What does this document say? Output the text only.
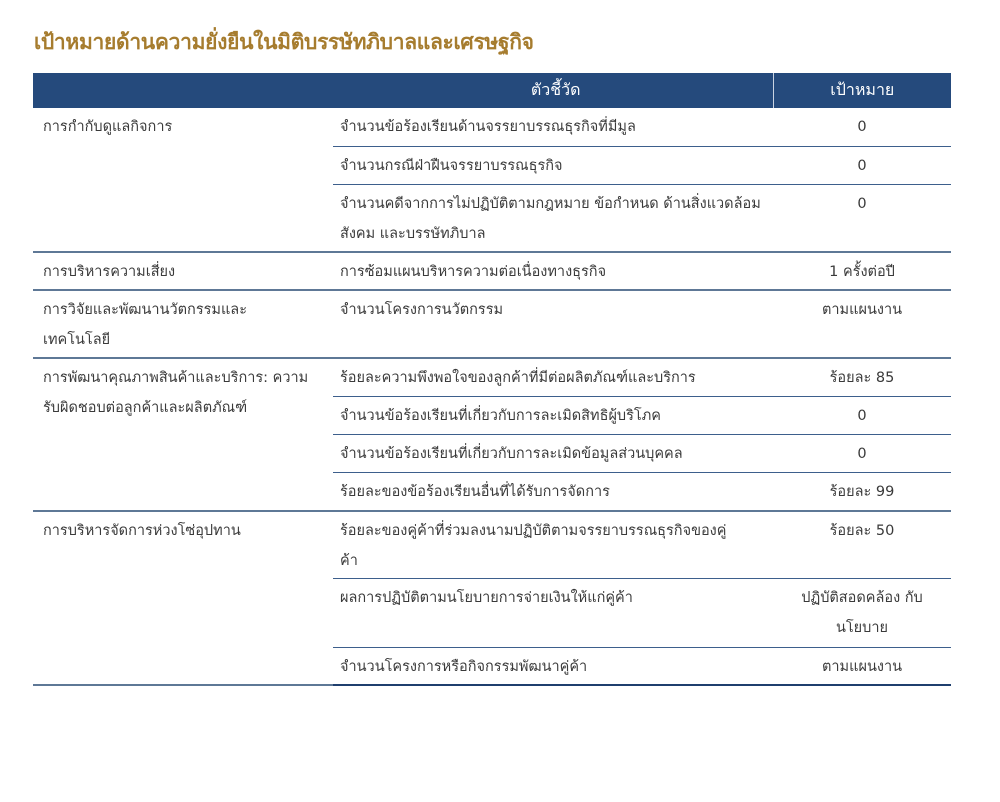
เป้าหมายด้านความยั่งยืนในมิติบรรษัทภิบาลและเศรษฐกิจ
ตัวชี้วัด		เป้าหมาย

การกำกับดูแลกิจการ	จำนวนข้อร้องเรียนด้านจรรยาบรรณธุรกิจที่มีมูล	0

	จำนวนกรณีฝ่าฝืนจรรยาบรรณธุรกิจ	0

	จำนวนคดีจากการไม่ปฏิบัติตามกฎหมาย ข้อกำหนด ด้านสิ่งแวดล้อม สังคม และบรรษัทภิบาล	0

การบริหารความเสี่ยง	การซ้อมแผนบริหารความต่อเนื่องทางธุรกิจ	1 ครั้งต่อปี

การวิจัยและพัฒนานวัตกรรมและเทคโนโลยี	จำนวนโครงการนวัตกรรม	ตามแผนงาน

การพัฒนาคุณภาพสินค้าและบริการ: ความรับผิดชอบต่อลูกค้าและผลิตภัณฑ์	ร้อยละความพึงพอใจของลูกค้าที่มีต่อผลิตภัณฑ์และบริการ	ร้อยละ 85

	จำนวนข้อร้องเรียนที่เกี่ยวกับการละเมิดสิทธิผู้บริโภค	0

	จำนวนข้อร้องเรียนที่เกี่ยวกับการละเมิดข้อมูลส่วนบุคคล	0

	ร้อยละของข้อร้องเรียนอื่นที่ได้รับการจัดการ	ร้อยละ 99

การบริหารจัดการห่วงโซ่อุปทาน	ร้อยละของคู่ค้าที่ร่วมลงนามปฏิบัติตามจรรยาบรรณธุรกิจของคู่ค้า	ร้อยละ 50

	ผลการปฏิบัติตามนโยบายการจ่ายเงินให้แก่คู่ค้า	ปฏิบัติสอดคล้อง กับนโยบาย

	จำนวนโครงการหรือกิจกรรมพัฒนาคู่ค้า	ตามแผนงาน
